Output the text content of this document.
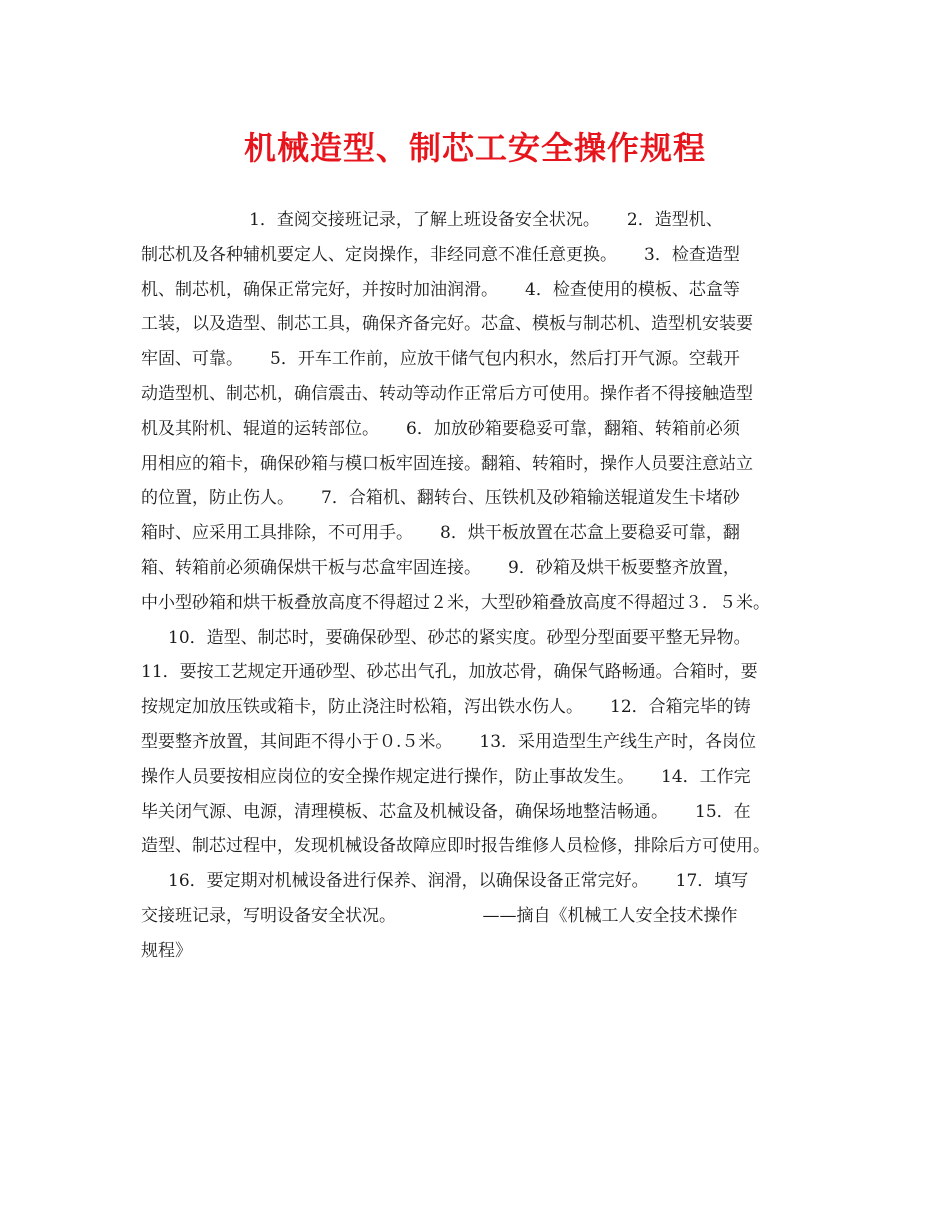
机械造型、制芯工安全操作规程
1．查阅交接班记录，了解上班设备安全状况。     2．造型机、
制芯机及各种辅机要定人、定岗操作，非经同意不准任意更换。     3．检查造型
机、制芯机，确保正常完好，并按时加油润滑。     4．检查使用的模板、芯盒等
工装，以及造型、制芯工具，确保齐备完好。芯盒、模板与制芯机、造型机安装要
牢固、可靠。     5．开车工作前，应放干储气包内积水，然后打开气源。空载开
动造型机、制芯机，确信震击、转动等动作正常后方可使用。操作者不得接触造型
机及其附机、辊道的运转部位。     6．加放砂箱要稳妥可靠，翻箱、转箱前必须
用相应的箱卡，确保砂箱与模口板牢固连接。翻箱、转箱时，操作人员要注意站立
的位置，防止伤人。     7．合箱机、翻转台、压铁机及砂箱输送辊道发生卡堵砂
箱时、应采用工具排除，不可用手。     8．烘干板放置在芯盒上要稳妥可靠，翻
箱、转箱前必须确保烘干板与芯盒牢固连接。     9．砂箱及烘干板要整齐放置，
中小型砂箱和烘干板叠放高度不得超过２米，大型砂箱叠放高度不得超过３．５米。
10．造型、制芯时，要确保砂型、砂芯的紧实度。砂型分型面要平整无异物。
11．要按工艺规定开通砂型、砂芯出气孔，加放芯骨，确保气路畅通。合箱时，要
按规定加放压铁或箱卡，防止浇注时松箱，泻出铁水伤人。     12．合箱完毕的铸
型要整齐放置，其间距不得小于０.５米。     13．采用造型生产线生产时，各岗位
操作人员要按相应岗位的安全操作规定进行操作，防止事故发生。     14．工作完
毕关闭气源、电源，清理模板、芯盒及机械设备，确保场地整洁畅通。     15．在
造型、制芯过程中，发现机械设备故障应即时报告维修人员检修，排除后方可使用。
16．要定期对机械设备进行保养、润滑，以确保设备正常完好。     17．填写
交接班记录，写明设备安全状况。                ——摘自《机械工人安全技术操作
规程》
